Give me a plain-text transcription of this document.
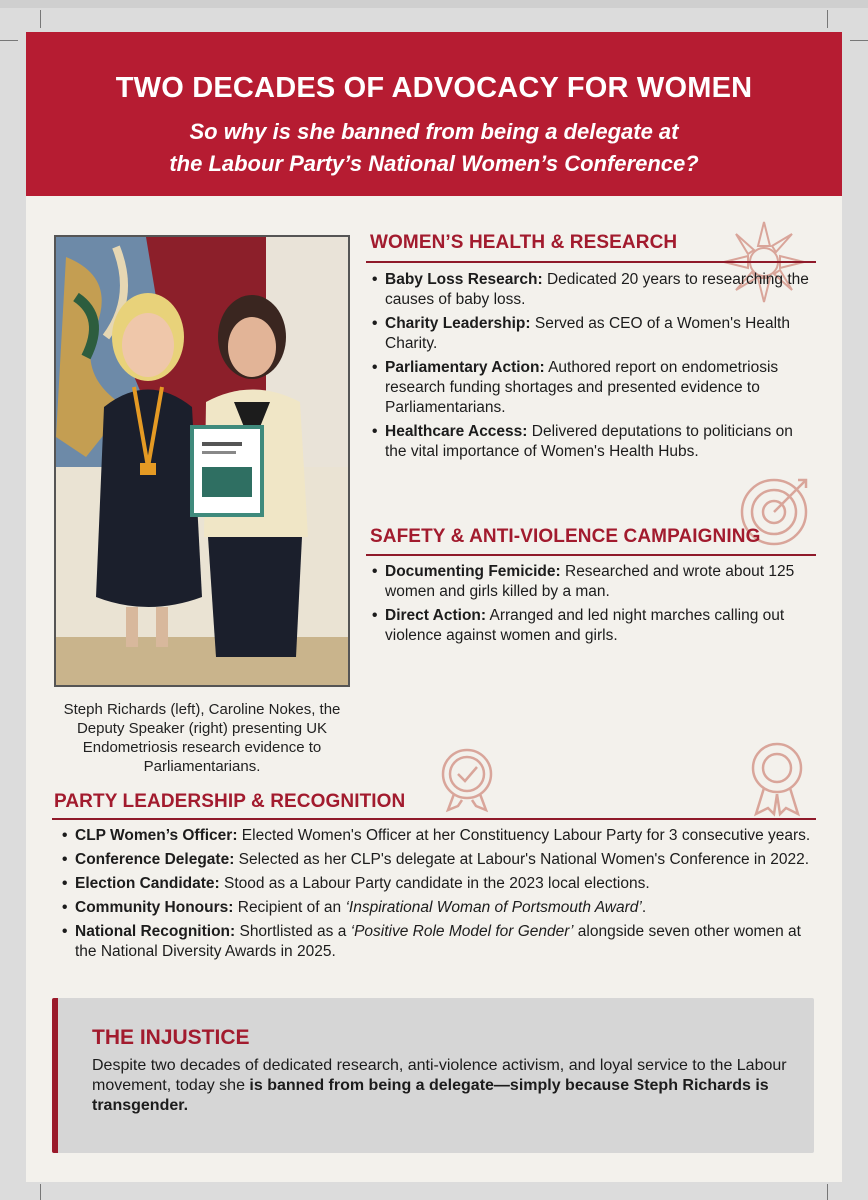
TWO DECADES OF ADVOCACY FOR WOMEN
So why is she banned from being a delegate at
the Labour Party’s National Women’s Conference?
Steph Richards (left), Caroline Nokes, the Deputy Speaker (right) presenting UK Endometriosis research evidence to Parliamentarians.
WOMEN’S HEALTH & RESEARCH
• Baby Loss Research: Dedicated 20 years to researching the causes of baby loss.
• Charity Leadership: Served as CEO of a Women's Health Charity.
• Parliamentary Action: Authored report on endometriosis research funding shortages and presented evidence to Parliamentarians.
• Healthcare Access: Delivered deputations to politicians on the vital importance of Women's Health Hubs.
SAFETY & ANTI-VIOLENCE CAMPAIGNING
• Documenting Femicide: Researched and wrote about 125 women and girls killed by a man.
• Direct Action: Arranged and led night marches calling out violence against women and girls.
PARTY LEADERSHIP & RECOGNITION
• CLP Women’s Officer: Elected Women's Officer at her Constituency Labour Party for 3 consecutive years.
• Conference Delegate: Selected as her CLP's delegate at Labour's National Women's Conference in 2022.
• Election Candidate: Stood as a Labour Party candidate in the 2023 local elections.
• Community Honours: Recipient of an ‘Inspirational Woman of Portsmouth Award’.
• National Recognition: Shortlisted as a ‘Positive Role Model for Gender’ alongside seven other women at the National Diversity Awards in 2025.
THE INJUSTICE
Despite two decades of dedicated research, anti-violence activism, and loyal service to the Labour movement, today she is banned from being a delegate—simply because Steph Richards is transgender.
